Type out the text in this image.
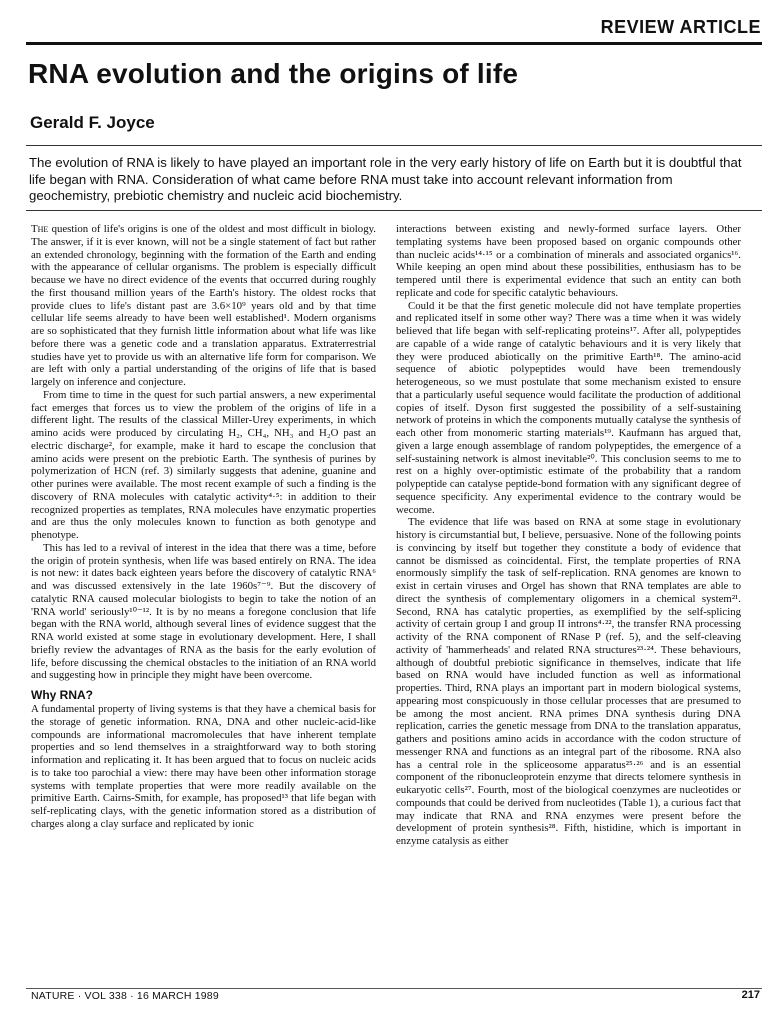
REVIEW ARTICLE
RNA evolution and the origins of life
Gerald F. Joyce

The evolution of RNA is likely to have played an important role in the very early history of life on Earth but it is doubtful that life began with RNA. Consideration of what came before RNA must take into account relevant information from geochemistry, prebiotic chemistry and nucleic acid biochemistry.

The question of life's origins is one of the oldest and most difficult in biology. The answer, if it is ever known, will not be a single statement of fact but rather an extended chronology, beginning with the formation of the Earth and ending with the appearance of cellular organisms. The problem is especially difficult because we have no direct evidence of the events that occurred during roughly the first thousand million years of the Earth's history. The oldest rocks that provide clues to life's distant past are 3.6×10⁹ years old and by that time cellular life seems already to have been well established¹. Modern organisms are so sophisticated that they furnish little information about what life was like before there was a genetic code and a translation apparatus. Extraterrestrial studies have yet to provide us with an alternative life form for comparison. We are left with only a partial understanding of the origins of life that is based largely on inference and conjecture.

From time to time in the quest for such partial answers, a new experimental fact emerges that forces us to view the problem of the origins of life in a different light. The results of the classical Miller-Urey experiments, in which amino acids were produced by circulating H₂, CH₄, NH₃ and H₂O past an electric discharge², for example, make it hard to escape the conclusion that amino acids were present on the prebiotic Earth. The synthesis of purines by polymerization of HCN (ref. 3) similarly suggests that adenine, guanine and other purines were available. The most recent example of such a finding is the discovery of RNA molecules with catalytic activity⁴·⁵: in addition to their recognized properties as templates, RNA molecules have enzymatic properties and are thus the only molecules known to function as both genotype and phenotype.

This has led to a revival of interest in the idea that there was a time, before the origin of protein synthesis, when life was based entirely on RNA. The idea is not new: it dates back eighteen years before the discovery of catalytic RNA⁶ and was discussed extensively in the late 1960s⁷⁻⁹. But the discovery of catalytic RNA caused molecular biologists to begin to take the notion of an 'RNA world' seriously¹⁰⁻¹². It is by no means a foregone conclusion that life began with the RNA world, although several lines of evidence suggest that the RNA world existed at some stage in evolutionary development. Here, I shall briefly review the advantages of RNA as the basis for the early evolution of life, before discussing the chemical obstacles to the initiation of an RNA world and suggesting how in principle they might have been overcome.

Why RNA?

A fundamental property of living systems is that they have a chemical basis for the storage of genetic information. RNA, DNA and other nucleic-acid-like compounds are informational macromolecules that have inherent template properties and so lend themselves in a straightforward way to both storing information and replicating it. It has been argued that to focus on nucleic acids is to take too parochial a view: there may have been other information storage systems with template properties that were more readily available on the primitive Earth. Cairns-Smith, for example, has proposed¹³ that life began with self-replicating clays, with the genetic information stored as a distribution of charges along a clay surface and replicated by ionic

interactions between existing and newly-formed surface layers. Other templating systems have been proposed based on organic compounds other than nucleic acids¹⁴·¹⁵ or a combination of minerals and associated organics¹⁶. While keeping an open mind about these possibilities, enthusiasm has to be tempered until there is experimental evidence that such an entity can both replicate and code for specific catalytic behaviours.

Could it be that the first genetic molecule did not have template properties and replicated itself in some other way? There was a time when it was widely believed that life began with self-replicating proteins¹⁷. After all, polypeptides are capable of a wide range of catalytic behaviours and it is very likely that they were produced abiotically on the primitive Earth¹⁸. The amino-acid sequence of abiotic polypeptides would have been tremendously heterogeneous, so we must postulate that some mechanism existed to ensure that a particularly useful sequence would facilitate the production of additional copies of itself. Dyson first suggested the possibility of a self-sustaining network of proteins in which the components mutually catalyse the synthesis of each other from monomeric starting materials¹⁹. Kaufmann has argued that, given a large enough assemblage of random polypeptides, the emergence of a self-sustaining network is almost inevitable²⁰. This conclusion seems to me to rest on a highly over-optimistic estimate of the probability that a random polypeptide can catalyse peptide-bond formation with any significant degree of sequence specificity. Any experimental evidence to the contrary would be wecome.

The evidence that life was based on RNA at some stage in evolutionary history is circumstantial but, I believe, persuasive. None of the following points is convincing by itself but together they constitute a body of evidence that cannot be dismissed as coincidental. First, the template properties of RNA enormously simplify the task of self-replication. RNA genomes are known to exist in certain viruses and Orgel has shown that RNA templates are able to direct the synthesis of complementary oligomers in a chemical system²¹. Second, RNA has catalytic properties, as exemplified by the self-splicing activity of certain group I and group II introns⁴·²², the transfer RNA processing activity of the RNA component of RNase P (ref. 5), and the self-cleaving activity of 'hammerheads' and related RNA structures²³·²⁴. These behaviours, although of doubtful prebiotic significance in themselves, indicate that life based on RNA would have included function as well as informational properties. Third, RNA plays an important part in modern biological systems, appearing most conspicuously in those cellular processes that are presumed to be among the most ancient. RNA primes DNA synthesis during DNA replication, carries the genetic message from DNA to the translation apparatus, gathers and positions amino acids in accordance with the codon structure of messenger RNA and functions as an integral part of the ribosome. RNA also has a central role in the spliceosome apparatus²⁵·²⁶ and is an essential component of the ribonucleoprotein enzyme that directs telomere synthesis in eukaryotic cells²⁷. Fourth, most of the biological coenzymes are nucleotides or compounds that could be derived from nucleotides (Table 1), a curious fact that may indicate that RNA and RNA enzymes were present before the development of protein synthesis²⁸. Fifth, histidine, which is important in enzyme catalysis as either

NATURE · VOL 338 · 16 MARCH 1989	217
